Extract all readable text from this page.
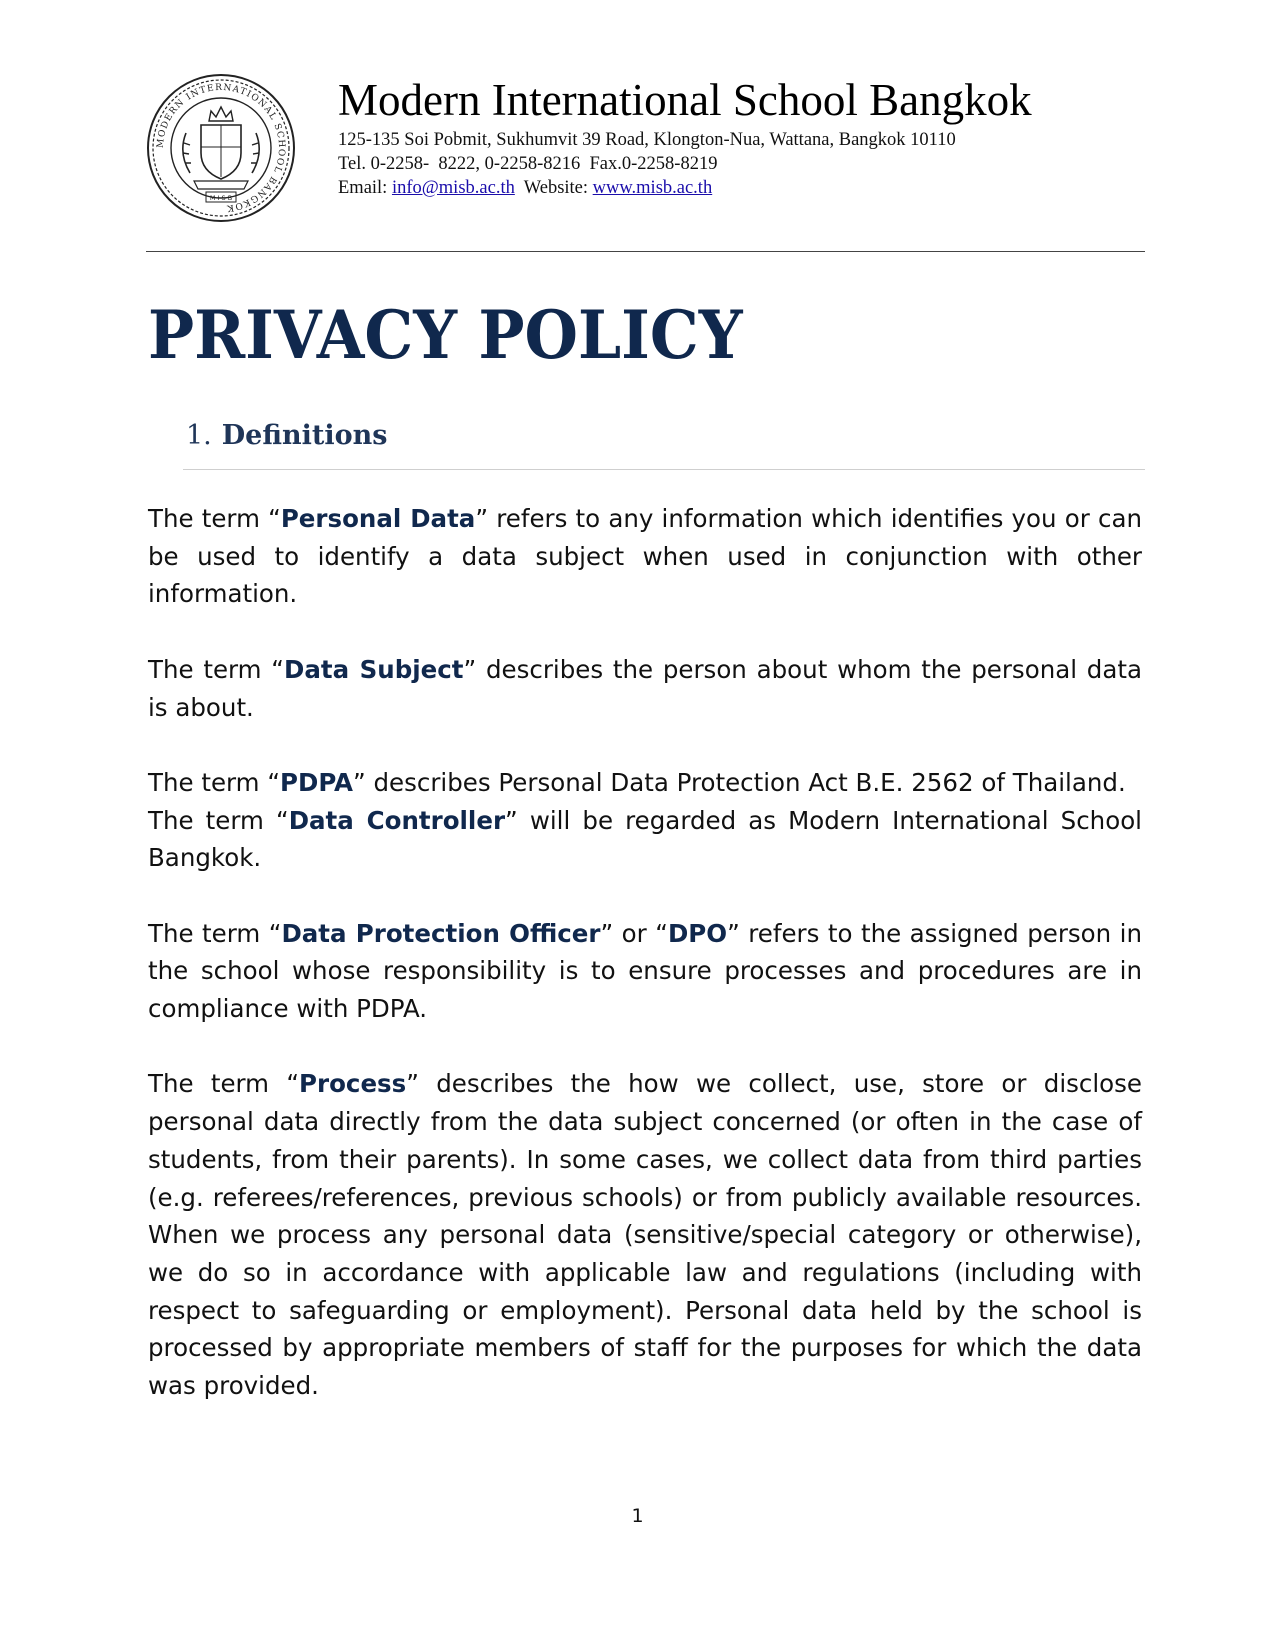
MODERN INTERNATIONAL SCHOOL BANGKOK
M I S B
Modern International School Bangkok
125-135 Soi Pobmit, Sukhumvit 39 Road, Klongton-Nua, Wattana, Bangkok 10110
Tel. 0-2258-  8222, 0-2258-8216  Fax.0-2258-8219
Email: info@misb.ac.th  Website: www.misb.ac.th
PRIVACY POLICY
1. Definitions

The term “Personal Data” refers to any information which identifies you or can be used to identify a data subject when used in conjunction with other information.

The term “Data Subject” describes the person about whom the personal data is about.

The term “PDPA” describes Personal Data Protection Act B.E. 2562 of Thailand.

The term “Data Controller” will be regarded as Modern International School Bangkok.

The term “Data Protection Officer” or “DPO” refers to the assigned person in the school whose responsibility is to ensure processes and procedures are in compliance with PDPA.

The term “Process” describes the how we collect, use, store or disclose personal data directly from the data subject concerned (or often in the case of students, from their parents). In some cases, we collect data from third parties (e.g. referees/references, previous schools) or from publicly available resources. When we process any personal data (sensitive/special category or otherwise), we do so in accordance with applicable law and regulations (including with respect to safeguarding or employment). Personal data held by the school is processed by appropriate members of staff for the purposes for which the data was provided.

1
